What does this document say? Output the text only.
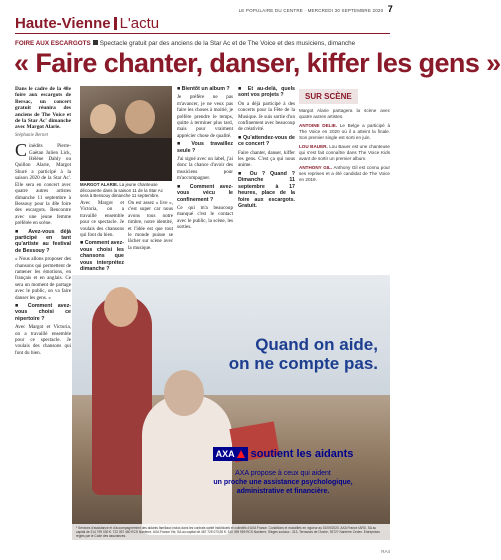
LE POPULAIRE DU CENTRE · MERCREDI 30 SEPTEMBRE 2020 7
Haute-Vienne L'actu
FOIRE AUX ESCARGOTS Spectacle gratuit par des anciens de la Star Ac et de The Voice et des musiciens, dimanche
« Faire chanter, danser, kiffer les gens »

Dans le cadre de la 48e foire aux escargots de Bersac, un concert gratuit réunira des anciens de The Voice et de la Star Ac' dimanche avec Margot Alarie.

Stéphanie Bernet

Cinédits Pierre-Gaëtan Julien Lick, Hélène Dahly ou Quillon Alarie, Margot Shuré a participé à la saison 2020 de la Star Ac'. Elle sera en concert avec quatre autres artistes dimanche 11 septembre à Bessouy pour la 48e foire des escargots. Rencontre avec une jeune femme préférée en scène.

■ Avez-vous déjà participé en tant qu'artiste au festival de Bessouy ?

« Nous allons proposer des chansons qui permettent de ramener les émotions, en français et en anglais. Ce sera un moment de partage avec le public, on va faire danser les gens. »

■ Comment avez-vous choisi ce répertoire ?

Avec Margot et Victoria, on a travaillé ensemble pour ce spectacle. Je voulais des chansons qui font du bien.

MARGOT ALARIE. La jeune chanteuse découverte dans la saison 11 de la Star Ac sera à Bessouy dimanche 11 septembre.

Avec Margot et Victoria, on a travaillé ensemble pour ce spectacle. Je voulais des chansons qui font du bien.

■ Comment avez-vous choisi les chansons que vous interprétez dimanche ?

On est assez « live », c'est super car nous avons tous notre timbre, notre identité, et l'idée est que tout le monde puisse se lâcher sur scène avec la musique.

■ Bientôt un album ?

Je préfère ne pas m'avancer, je ne veux pas faire les choses à moitié, je préfère prendre le temps, quitte à terminer plus tard, mais pour vraiment apprécier chose de qualité.

■ Vous travaillez seule ?

J'ai signé avec un label, j'ai donc la chance d'avoir des musiciens pour m'accompagner.

■ Comment avez-vous vécu le confinement ?

Ce qui m'a beaucoup manqué c'est le contact avec le public, la scène, les sorties.

■ Et au-delà, quels sont vos projets ?

On a déjà participé à des concerts pour la Fête de la Musique. Je suis sortie d'un confinement avec beaucoup de créativité.

■ Qu'attendez-vous de ce concert ?

Faire chanter, danser, kiffer les gens. C'est ça qui nous anime.

■ Ou ? Quand ? Dimanche 11 septembre à 17 heures, place de la foire aux escargots. Gratuit.

SUR SCÈNE

Margot Alarie partagera la scène avec quatre autres artistes.

ANTOINE DELIE. Le Belge a participé à The Voice en 2020 où il a atteint la finale. Son premier single est sorti en juin.

LOU BAUER. Lou Bauer est une chanteuse qui s'est fait connaître dans The Voice Kids avant de sortir un premier album.

ANTHONY GIL. Anthony Gil est connu pour ses reprises et a été candidat de The Voice en 2019.

Quand on aide,
on ne compte pas.
AXA soutient les aidants
AXA propose à ceux qui aident
un proche une assistance psychologique,
administrative et financière.
* Services d'assistance et d'accompagnement des aidants familiaux inclus dans les contrats santé individuels et collectifs d'AXA France. Conditions et modalités en vigueur au 01/09/2020. AXA France IARD, SA au capital de 214 799 030 €. 722 057 460 RCS Nanterre. AXA France Vie, SA au capital de 487 725 073,50 €. 310 499 959 RCS Nanterre. Sièges sociaux : 313, Terrasses de l'Arche, 92727 Nanterre Cedex. Entreprises régies par le Code des assurances.
RA4
